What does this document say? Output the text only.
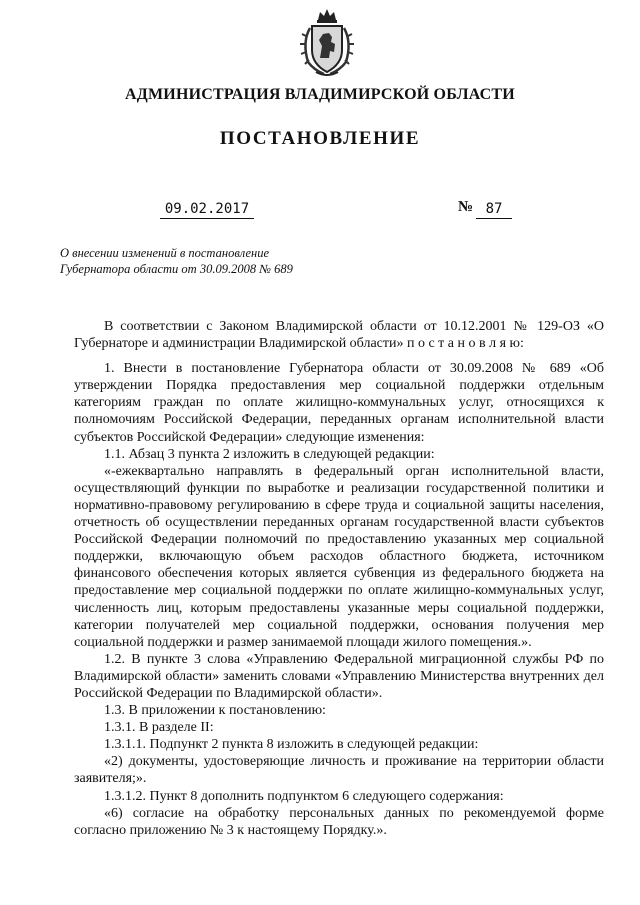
АДМИНИСТРАЦИЯ ВЛАДИМИРСКОЙ ОБЛАСТИ
ПОСТАНОВЛЕНИЕ
09.02.2017	№ 87
О внесении изменений в постановление
Губернатора области от 30.09.2008 № 689

В соответствии с Законом Владимирской области от 10.12.2001 № 129-ОЗ «О Губернаторе и администрации Владимирской области» п о с т а н о в л я ю:

1. Внести в постановление Губернатора области от 30.09.2008 № 689 «Об утверждении Порядка предоставления мер социальной поддержки отдельным категориям граждан по оплате жилищно-коммунальных услуг, относящихся к полномочиям Российской Федерации, переданных органам исполнительной власти субъектов Российской Федерации» следующие изменения:

1.1. Абзац 3 пункта 2 изложить в следующей редакции:

«-ежеквартально направлять в федеральный орган исполнительной власти, осуществляющий функции по выработке и реализации государственной политики и нормативно-правовому регулированию в сфере труда и социальной защиты населения, отчетность об осуществлении переданных органам государственной власти субъектов Российской Федерации полномочий по предоставлению указанных мер социальной поддержки, включающую объем расходов областного бюджета, источником финансового обеспечения которых является субвенция из федерального бюджета на предоставление мер социальной поддержки по оплате жилищно-коммунальных услуг, численность лиц, которым предоставлены указанные меры социальной поддержки, категории получателей мер социальной поддержки, основания получения мер социальной поддержки и размер занимаемой площади жилого помещения.».

1.2. В пункте 3 слова «Управлению Федеральной миграционной службы РФ по Владимирской области» заменить словами «Управлению Министерства внутренних дел Российской Федерации по Владимирской области».

1.3. В приложении к постановлению:

1.3.1. В разделе II:

1.3.1.1. Подпункт 2 пункта 8 изложить в следующей редакции:

«2) документы, удостоверяющие личность и проживание на территории области заявителя;».

1.3.1.2. Пункт 8 дополнить подпунктом 6 следующего содержания:

«6) согласие на обработку персональных данных по рекомендуемой форме согласно приложению № 3 к настоящему Порядку.».
